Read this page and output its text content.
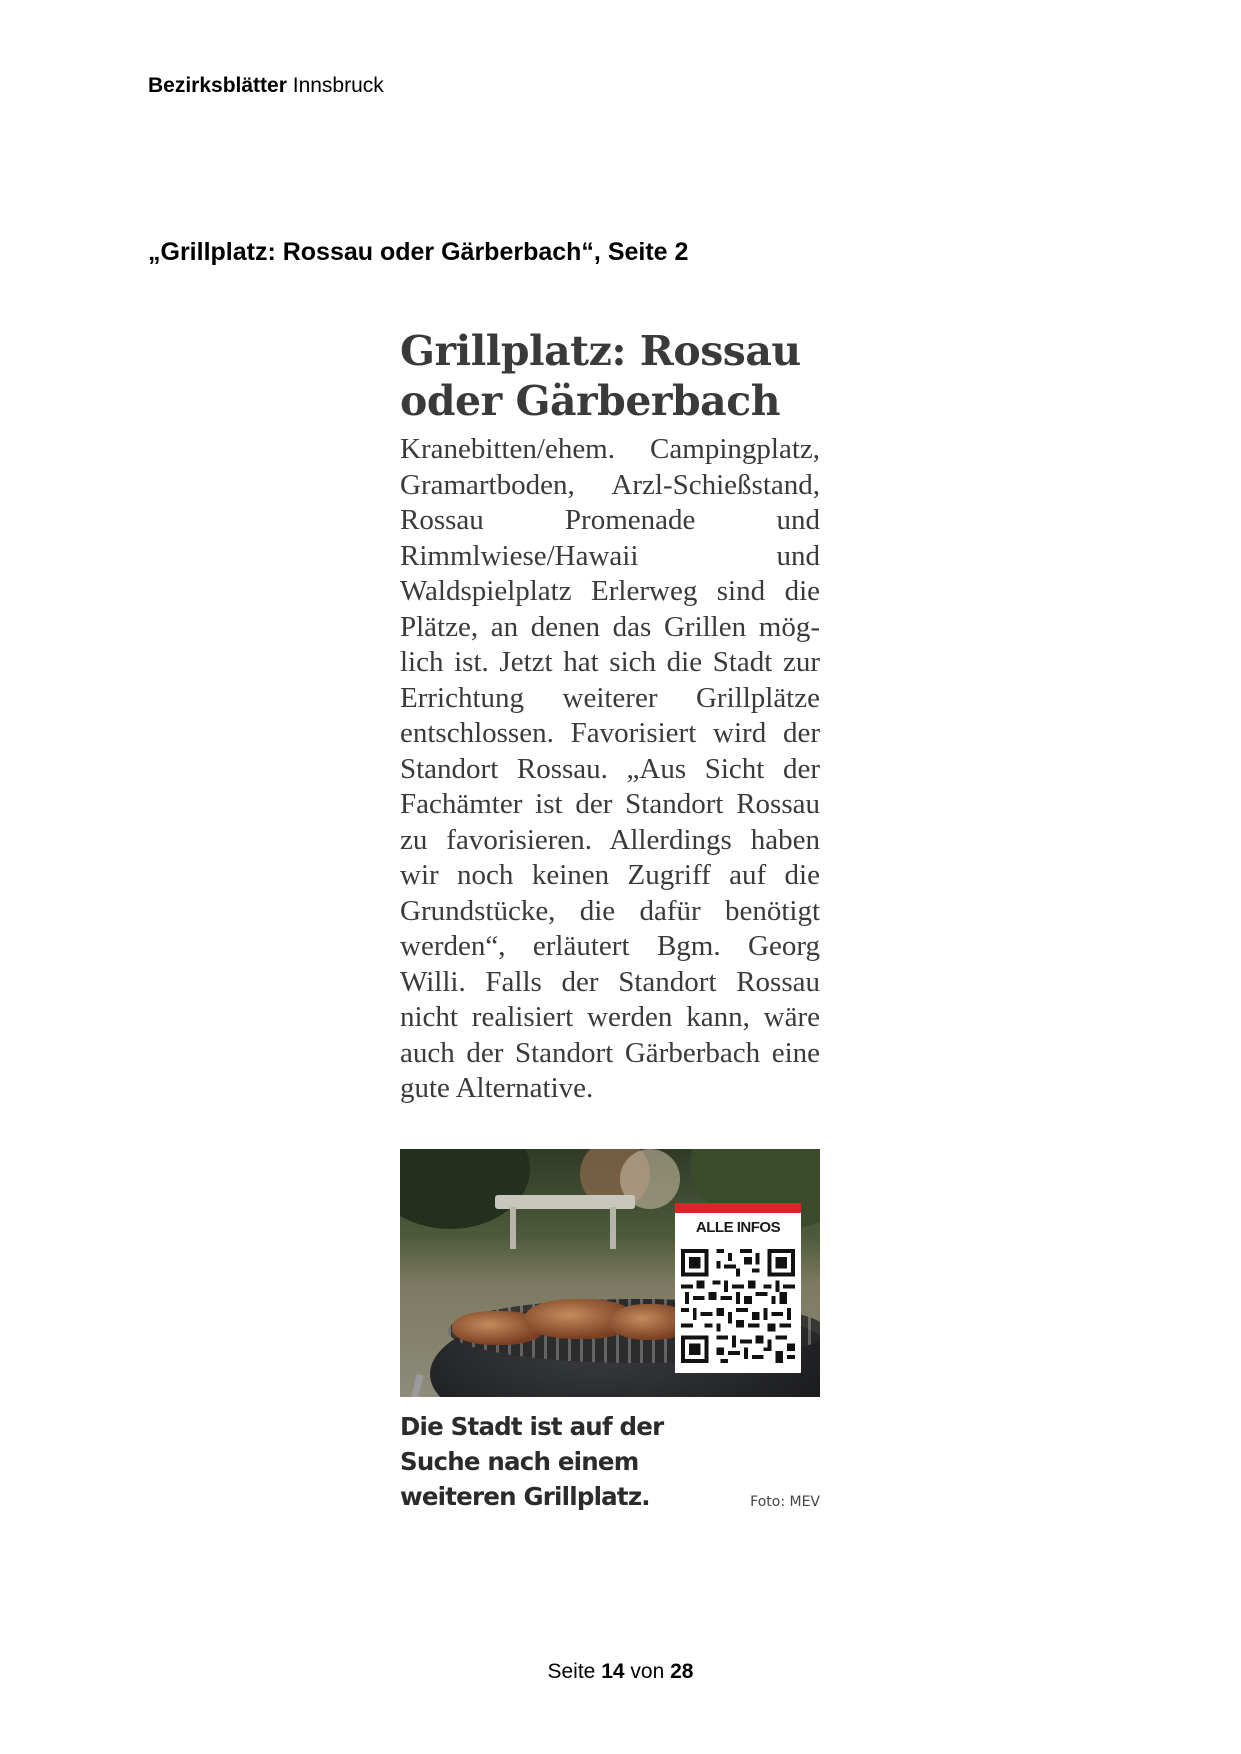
Bezirksblätter Innsbruck
„Grillplatz: Rossau oder Gärberbach“, Seite 2
Grillplatz: Rossau
oder Gärberbach

Kranebitten/ehem. Campingplatz, Gramartboden, Arzl-Schießstand, Rossau Promenade und Rimmlwiese/Hawaii und Waldspielplatz Erlerweg sind die Plätze, an denen das Grillen möglich ist. Jetzt hat sich die Stadt zur Errichtung weiterer Grillplätze entschlossen. Favorisiert wird der Standort Rossau. „Aus Sicht der Fachämter ist der Standort Rossau zu favorisieren. Allerdings haben wir noch keinen Zugriff auf die Grundstücke, die dafür benötigt werden“, erläutert Bgm. Georg Willi. Falls der Standort Rossau nicht realisiert werden kann, wäre auch der Standort Gärberbach eine gute Alternative.

ALLE INFOS

Die Stadt ist auf der Suche nach einem weiteren Grillplatz.	Foto: MEV
Seite 14 von 28
